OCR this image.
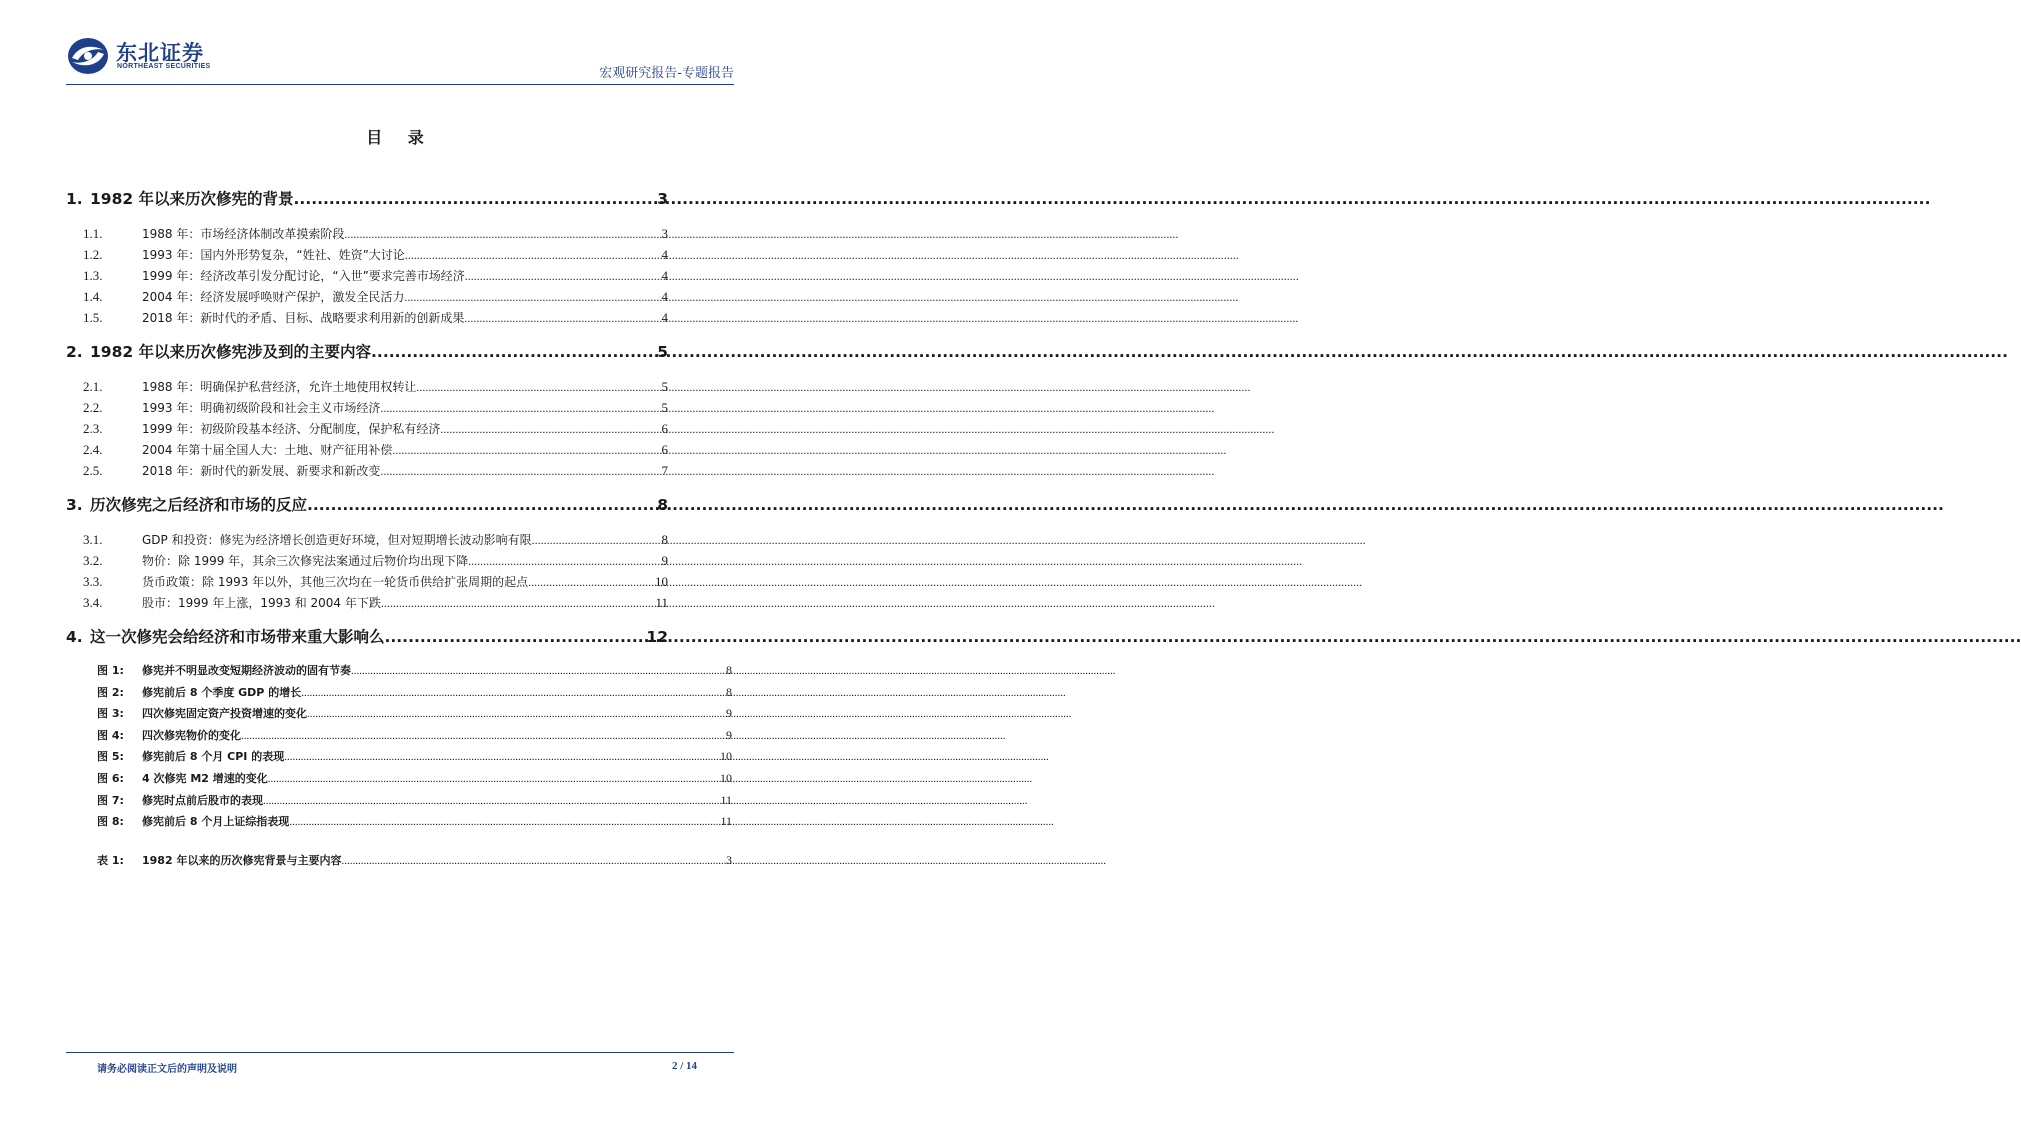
东北证券
NORTHEAST SECURITIES	宏观研究报告-专题报告
目 录
1. 1982 年以来历次修宪的背景 .....	3
1.1.	1988 年：市场经济体制改革摸索阶段 .....	3
1.2.	1993 年：国内外形势复杂，“姓社、姓资”大讨论 .....	4
1.3.	1999 年：经济改革引发分配讨论，“入世”要求完善市场经济 .....	4
1.4.	2004 年：经济发展呼唤财产保护，激发全民活力 .....	4
1.5.	2018 年：新时代的矛盾、目标、战略要求利用新的创新成果 .....	4
2. 1982 年以来历次修宪涉及到的主要内容 .....	5
2.1.	1988 年：明确保护私营经济，允许土地使用权转让 .....	5
2.2.	1993 年：明确初级阶段和社会主义市场经济 .....	5
2.3.	1999 年：初级阶段基本经济、分配制度，保护私有经济 .....	6
2.4.	2004 年第十届全国人大：土地、财产征用补偿 .....	6
2.5.	2018 年：新时代的新发展、新要求和新改变 .....	7
3. 历次修宪之后经济和市场的反应 .....	8
3.1.	GDP 和投资：修宪为经济增长创造更好环境，但对短期增长波动影响有限 .....	8
3.2.	物价：除 1999 年，其余三次修宪法案通过后物价均出现下降 .....	9
3.3.	货币政策：除 1993 年以外，其他三次均在一轮货币供给扩张周期的起点 .....	10
3.4.	股市：1999 年上涨，1993 和 2004 年下跌 .....	11
4. 这一次修宪会给经济和市场带来重大影响么 .....	12
图 1:	修宪并不明显改变短期经济波动的固有节奏 .....	8
图 2:	修宪前后 8 个季度 GDP 的增长 .....	8
图 3:	四次修宪固定资产投资增速的变化 .....	9
图 4:	四次修宪物价的变化 .....	9
图 5:	修宪前后 8 个月 CPI 的表现 .....	10
图 6:	4 次修宪 M2 增速的变化 .....	10
图 7:	修宪时点前后股市的表现 .....	11
图 8:	修宪前后 8 个月上证综指表现 .....	11
表 1:	1982 年以来的历次修宪背景与主要内容 .....	3
请务必阅读正文后的声明及说明	2 / 14
